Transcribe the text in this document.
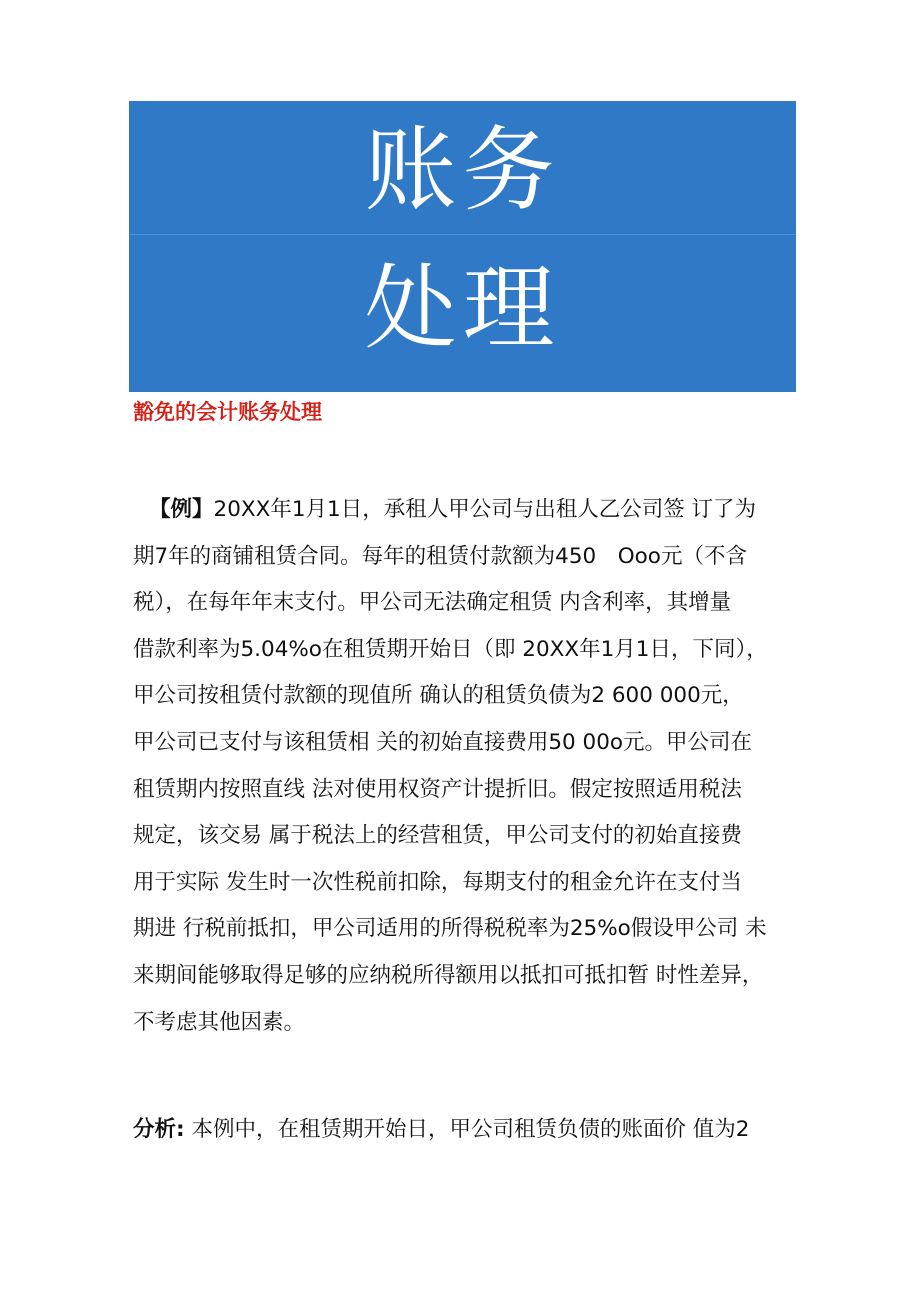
账务
处理
豁免的会计账务处理
【例】20XX年1月1日，承租人甲公司与出租人乙公司签 订了为
期7年的商铺租赁合同。每年的租赁付款额为450　Ooo元（不含
税），在每年年末支付。甲公司无法确定租赁 内含利率，其增量
借款利率为5.04%o在租赁期开始日（即 20XX年1月1日，下同），
甲公司按租赁付款额的现值所 确认的租赁负债为2 600 000元，
甲公司已支付与该租赁相 关的初始直接费用50 00o元。甲公司在
租赁期内按照直线 法对使用权资产计提折旧。假定按照适用税法
规定，该交易 属于税法上的经营租赁，甲公司支付的初始直接费
用于实际 发生时一次性税前扣除，每期支付的租金允许在支付当
期进 行税前抵扣，甲公司适用的所得税税率为25%o假设甲公司 未
来期间能够取得足够的应纳税所得额用以抵扣可抵扣暂 时性差异，
不考虑其他因素。
分析: 本例中，在租赁期开始日，甲公司租赁负债的账面价 值为2
